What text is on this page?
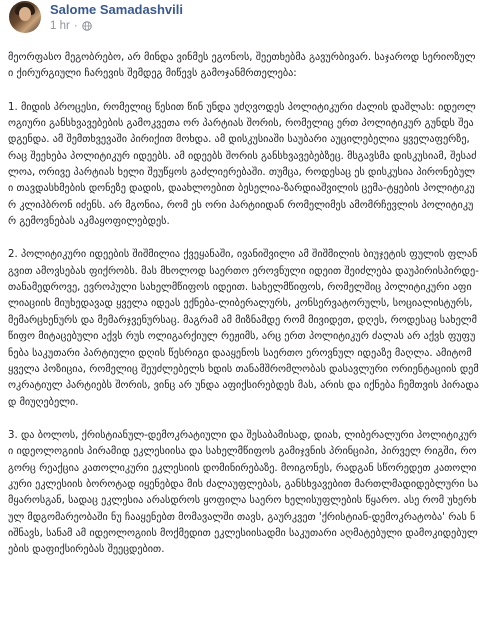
Salome Samadashvili
1 hr ·

მეორფასო მეგობრებო, არ მინდა ვინმეს ეგონოს, შეეთხებმა გავურბივარ. საჯაროდ სერიოზული ქირურგიული ჩარევის შემდეგ მიწევს გამოჯანმრთელება:

1. მიდის პროცესი, რომელიც წესით წინ უნდა უძღვოდეს პოლიტიკური ძალის დაშლას: იდეოლოგიური განსხვავებების გამოკვეთა ორ პარტიას შორის, რომელიც ერთ პოლიტიკურ გუნდს შეადგენდა. ამ შემთხვევაში პირიქით მოხდა. ამ დისკუსიაში საუბარი აუცილებელია ყველაფერზე, რაც შეეხება პოლიტიკურ იდეებს. ამ იდეებს შორის განსხვავებებზეც. მსგავსმა დისკუსიამ, შესაძლოა, ორივე პარტიას ხელი შეუწყოს გაძლიერებაში. თუმცა, როდესაც ეს დისკუსია პირონებული თავდასხმების დონეზე დადის, დაახლოებით ბესელია-ზარდიაშვილის ცემა-ტყების პოლიტიკურ კლიპბრონ იძენს. არ მგონია, რომ ეს ორი პარტიიდან რომელიმეს ამომრჩევლის პოლიტიკურ გემოვნებას აკმაყოფილებდეს.

2. პოლიტიკური იდეების შიშმილია ქვეყანაში, ივანიშვილი ამ შიშმილის ბიუჯეტის ფულის ფლანგვით ამოვსებას ფიქრობს. მას მხოლოდ საერთო ეროვნული იდეით შეიძლება დაუპირისპირდე-თანამედროვე, ევროპული სახელმწიფოს იდეით. სახელმწიფოს, რომელშიც პოლიტიკური აფილიაციის მიუხედავად ყველა იდეას ექნება-ლიბერალურს, კონსერვატორულს, სოციალისტურს, მემარცხენურს და მემარჯვენურსაც. მაგრამ ამ მიზნამდე რომ მივიდეთ, დღეს, როდესაც სახელმწიფო მიტაცებული აქვს რუს ოლიგარქიულ რეჟიმს, არც ერთ პოლიტიკურ ძალას არ აქვს ფუფუნება საკუთარი პარტიული დღის წესრიგი დააყენოს საერთო ეროვნულ იდეაზე მაღლა. ამიტომ ყველა პოზიცია, რომელიც შეუძლებელს ხდის თანამშრომლობას დასავლური ორიენტაციის დემოკრატიულ პარტიებს შორის, ვინც არ უნდა აფიქსირებდეს მას, არის და იქნება ჩემთვის პირადად მიუღებელი.

3. და ბოლოს, ქრისტიანულ-დემოკრატიული და შესაბამისად, დიახ, ლიბერალური პოლიტიკური იდეოლოგიის პირამიდ ეკლესიისა და სახელმწიფოს გამიჯვნის პრინციპი, პირველ რიგში, როგორც რეაქცია კათოლიკური ეკლესიის დომინირებაზე. მოიგონეს, რადგან სწორედეთ კათოლიკური ეკლესიის ბოროტად იყენებდა მის ძალაუფლებას, განსხვავებით მართლმადიდებლური სამყაროსგან, სადაც ეკლესია არასდროს ყოფილა საერო ხელისუფლების წყარო. ასე რომ უხერხულ მდგომარეობაში ნუ ჩააყენებთ მომავალში თავს, გაურკვეთ 'ქრისტიან-დემოკრატობა' რას ნიშნავს, სანამ ამ იდეოლოგიის მოქმედით ეკლესიისადმი საკუთარი აღმატებული დამოკიდებულების დაფიქსირებას შეეცდებით.
